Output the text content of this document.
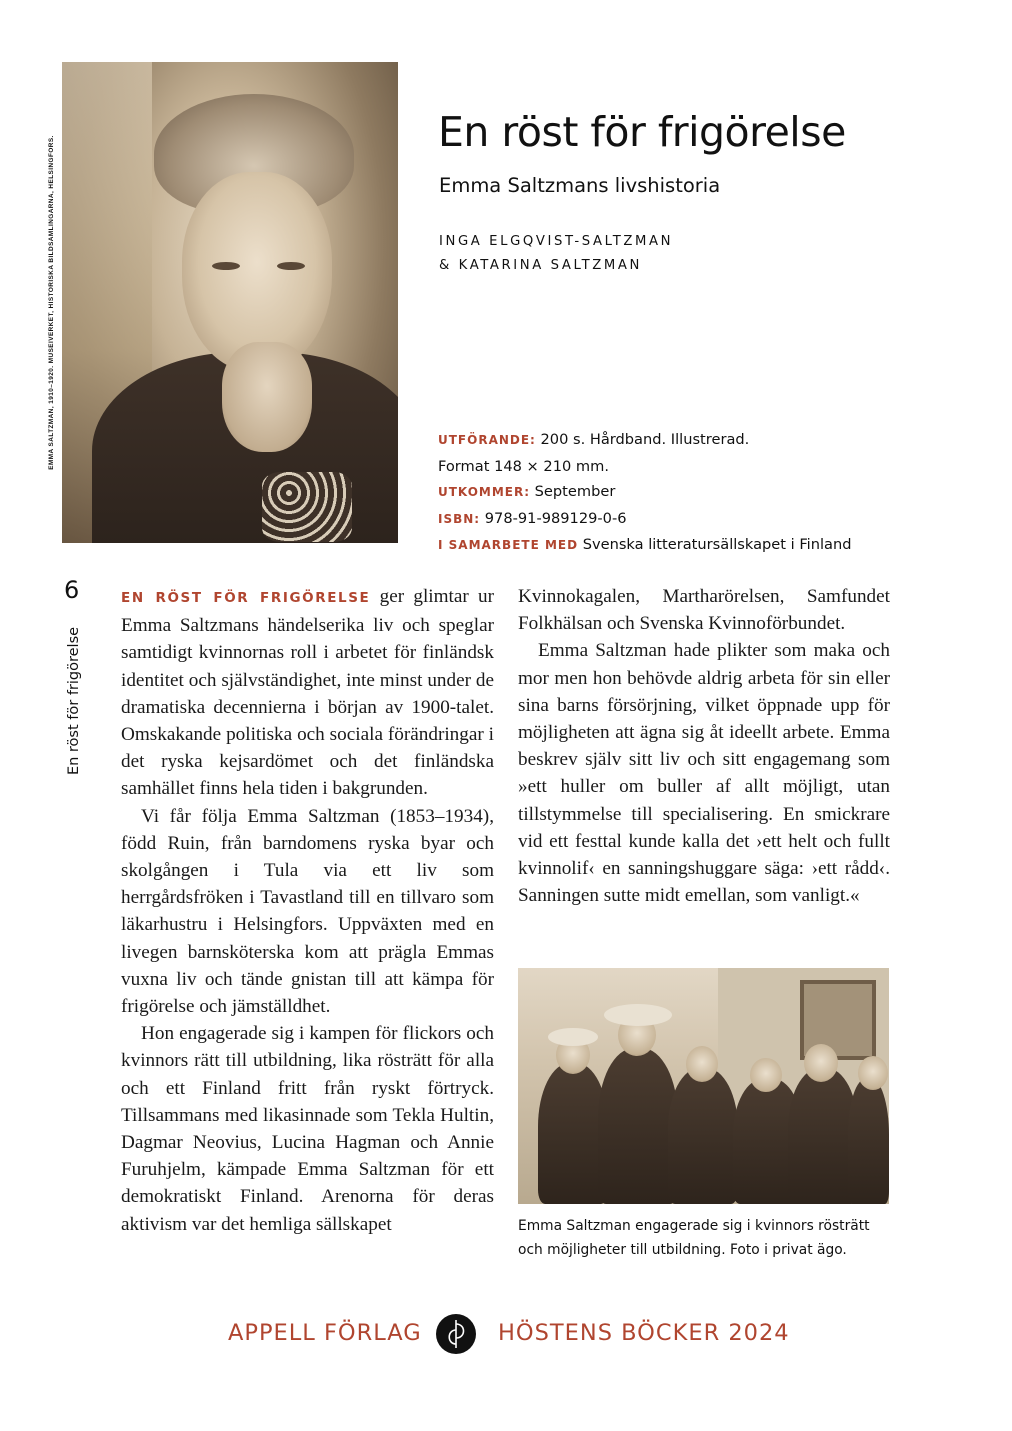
EMMA SALTZMAN, 1910–1920. MUSEIVERKET, HISTORISKA BILDSAMLINGARNA, HELSINGFORS.
En röst för frigörelse
Emma Saltzmans livshistoria
INGA ELGQVIST-SALTZMAN
& KATARINA SALTZMAN
UTFÖRANDE: 200 s. Hårdband. Illustrerad.
Format 148 × 210 mm.
UTKOMMER: September
ISBN: 978-91-989129-0-6
I SAMARBETE MED Svenska litteratursällskapet i Finland
6
En röst för frigörelse

EN RÖST FÖR FRIGÖRELSE ger glimtar ur Emma Saltzmans händelserika liv och speglar samtidigt kvinnornas roll i arbetet för finländsk identitet och självständighet, inte minst under de dramatiska decennierna i början av 1900-talet. Omskakande politiska och sociala förändringar i det ryska kejsardömet och det finländska samhället finns hela tiden i bakgrunden.

Vi får följa Emma Saltzman (1853–1934), född Ruin, från barndomens ryska byar och skolgången i Tula via ett liv som herrgårdsfröken i Tavastland till en tillvaro som läkarhustru i Helsingfors. Uppväxten med en livegen barnsköterska kom att prägla Emmas vuxna liv och tände gnistan till att kämpa för frigörelse och jämställdhet.

Hon engagerade sig i kampen för flickors och kvinnors rätt till utbildning, lika rösträtt för alla och ett Finland fritt från ryskt förtryck. Tillsammans med likasinnade som Tekla Hultin, Dagmar Neovius, Lucina Hagman och Annie Furuhjelm, kämpade Emma Saltzman för ett demokratiskt Finland. Arenorna för deras aktivism var det hemliga sällskapet

Kvinnokagalen, Martharörelsen, Samfundet Folkhälsan och Svenska Kvinnoförbundet.

Emma Saltzman hade plikter som maka och mor men hon behövde aldrig arbeta för sin eller sina barns försörjning, vilket öppnade upp för möjligheten att ägna sig åt ideellt arbete. Emma beskrev själv sitt liv och sitt engagemang som »ett huller om buller af allt möjligt, utan tillstymmelse till specialisering. En smickrare vid ett festtal kunde kalla det ›ett helt och fullt kvinnolif‹ en sanningshuggare säga: ›ett rådd‹. Sanningen sutte midt emellan, som vanligt.«

Emma Saltzman engagerade sig i kvinnors rösträtt
och möjligheter till utbildning. Foto i privat ägo.
APPELL FÖRLAG	HÖSTENS BÖCKER 2024
